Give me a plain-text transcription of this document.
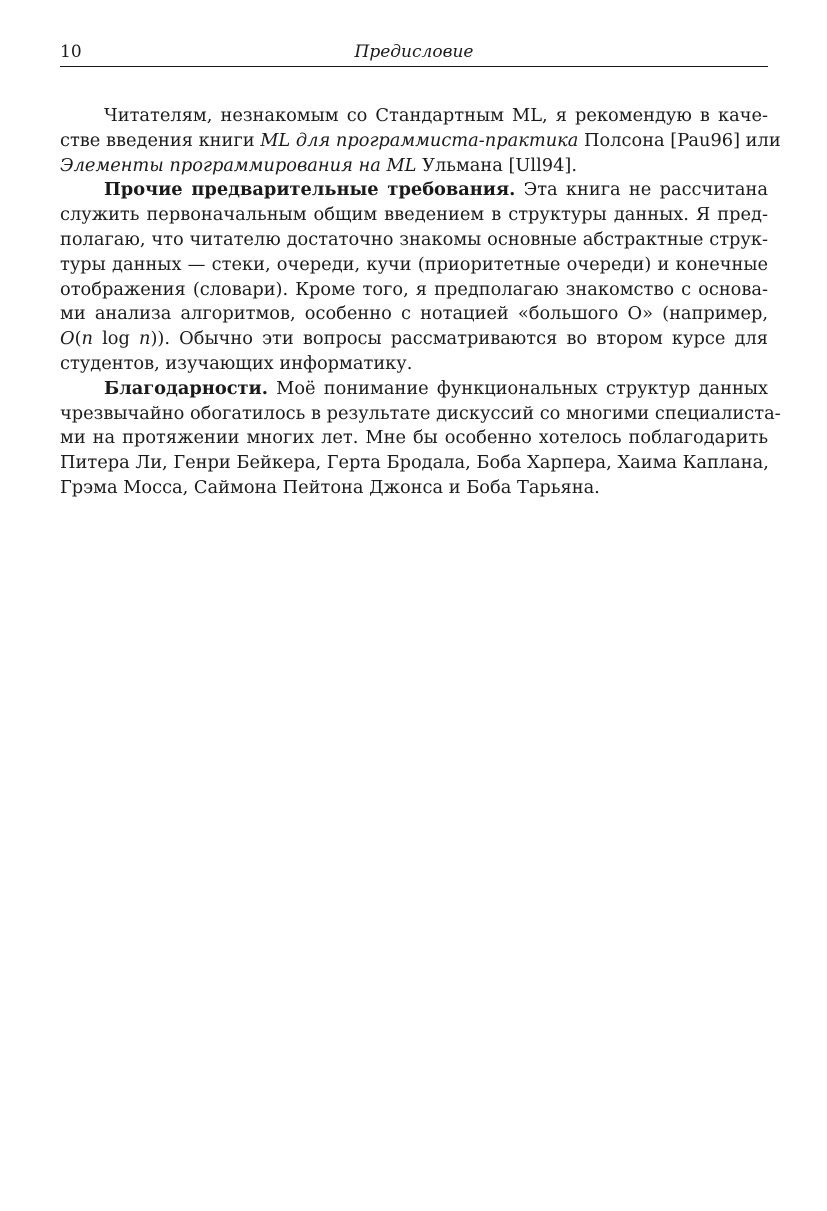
10	Предисловие

Читателям, незнакомым со Стандартным ML, я рекомендую в каче-

стве введения книги ML для программиста-практика Полсона [Pau96] или

Элементы программирования на ML Ульмана [Ull94].

Прочие предварительные требования. Эта книга не рассчитана

служить первоначальным общим введением в структуры данных. Я пред-

полагаю, что читателю достаточно знакомы основные абстрактные струк-

туры данных — стеки, очереди, кучи (приоритетные очереди) и конечные

отображения (словари). Кроме того, я предполагаю знакомство с основа-

ми анализа алгоритмов, особенно с нотацией «большого O» (например,

O(n log n)). Обычно эти вопросы рассматриваются во втором курсе для

студентов, изучающих информатику.

Благодарности. Моё понимание функциональных структур данных

чрезвычайно обогатилось в результате дискуссий со многими специалиста-

ми на протяжении многих лет. Мне бы особенно хотелось поблагодарить

Питера Ли, Генри Бейкера, Герта Бродала, Боба Харпера, Хаима Каплана,

Грэма Мосса, Саймона Пейтона Джонса и Боба Тарьяна.
